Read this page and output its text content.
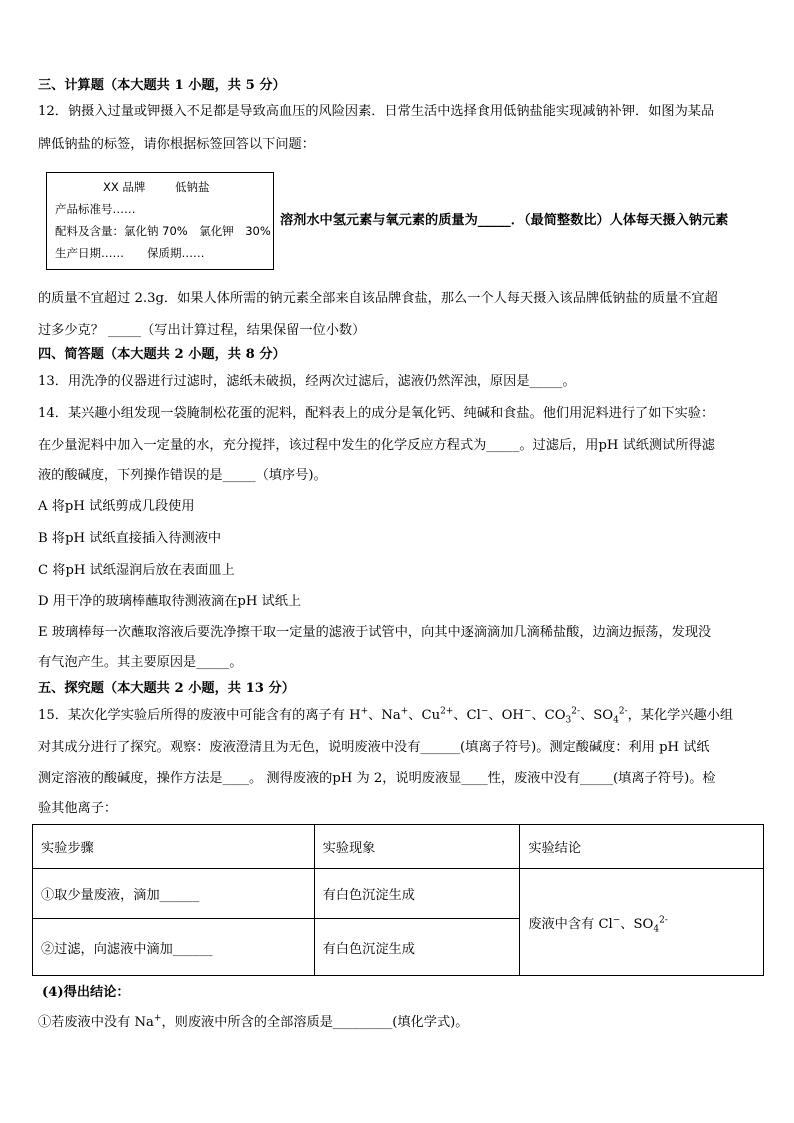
三、计算题（本大题共 1 小题，共 5 分）
12．钠摄入过量或钾摄入不足都是导致高血压的风险因素．日常生活中选择食用低钠盐能实现减钠补钾．如图为某品
牌低钠盐的标签，请你根据标签回答以下问题：
XX 品牌	低钠盐
产品标准号……
配料及含量：氯化钠 70%　氯化钾　30%
生产日期……　　保质期……
溶剂水中氢元素与氧元素的质量为_____．（最简整数比）人体每天摄入钠元素
的质量不宜超过 2.3g．如果人体所需的钠元素全部来自该品牌食盐，那么一个人每天摄入该品牌低钠盐的质量不宜超
过多少克？ _____（写出计算过程，结果保留一位小数）
四、简答题（本大题共 2 小题，共 8 分）
13．用洗净的仪器进行过滤时，滤纸未破损，经两次过滤后，滤液仍然浑浊，原因是_____。
14．某兴趣小组发现一袋腌制松花蛋的泥料，配料表上的成分是氧化钙、纯碱和食盐。他们用泥料进行了如下实验：
在少量泥料中加入一定量的水，充分搅拌，该过程中发生的化学反应方程式为_____。过滤后，用pH 试纸测试所得滤
液的酸碱度，下列操作错误的是_____（填序号)。
A 将pH 试纸剪成几段使用
B 将pH 试纸直接插入待测液中
C 将pH 试纸湿润后放在表面皿上
D 用干净的玻璃棒蘸取待测液滴在pH 试纸上
E 玻璃棒每一次蘸取溶液后要洗净擦干取一定量的滤液于试管中，向其中逐滴滴加几滴稀盐酸，边滴边振荡，发现没
有气泡产生。其主要原因是_____。
五、探究题（本大题共 2 小题，共 13 分）
15．某次化学实验后所得的废液中可能含有的离子有 H+、Na+、$Cu^{2+}$、Cl−、OH−、$CO_3^{2-}$、$SO_4^{2-}$，某化学兴趣小组
对其成分进行了探究。观察：废液澄清且为无色，说明废液中没有______(填离子符号)。测定酸碱度：利用 pH 试纸
测定溶液的酸碱度，操作方法是____。 测得废液的pH 为 2，说明废液显____性，废液中没有_____(填离子符号)。检
验其他离子：
实验步骤	实验现象	实验结论
①取少量废液，滴加______	有白色沉淀生成	废液中含有 Cl−、$SO_4^{2-}$
②过滤，向滤液中滴加______	有白色沉淀生成	
(4)得出结论：
①若废液中没有 Na+，则废液中所含的全部溶质是_________(填化学式)。
